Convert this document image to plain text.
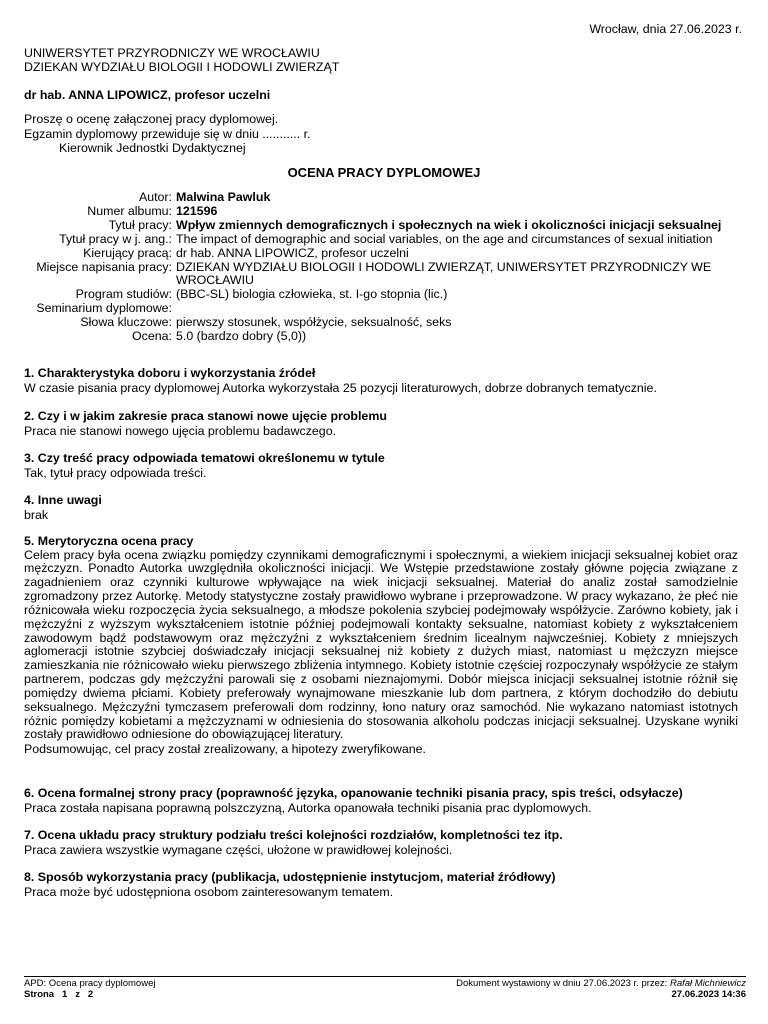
Wrocław, dnia 27.06.2023 r.
UNIWERSYTET PRZYRODNICZY WE WROCŁAWIU
DZIEKAN WYDZIAŁU BIOLOGII I HODOWLI ZWIERZĄT
dr hab. ANNA LIPOWICZ, profesor uczelni
Proszę o ocenę załączonej pracy dyplomowej.
Egzamin dyplomowy przewiduje się w dniu ........... r.
Kierownik Jednostki Dydaktycznej
OCENA PRACY DYPLOMOWEJ
Autor:	Malwina Pawluk
Numer albumu:	121596
Tytuł pracy:	Wpływ zmiennych demograficznych i społecznych na wiek i okoliczności inicjacji seksualnej
Tytuł pracy w j. ang.:	The impact of demographic and social variables, on the age and circumstances of sexual initiation
Kierujący pracą:	dr hab. ANNA LIPOWICZ, profesor uczelni
Miejsce napisania pracy:	DZIEKAN WYDZIAŁU BIOLOGII I HODOWLI ZWIERZĄT, UNIWERSYTET PRZYRODNICZY WE WROCŁAWIU
Program studiów:	(BBC-SL) biologia człowieka, st. I-go stopnia (lic.)
Seminarium dyplomowe:	
Słowa kluczowe:	pierwszy stosunek, współżycie, seksualność, seks
Ocena:	5.0 (bardzo dobry (5,0))
1. Charakterystyka doboru i wykorzystania źródeł
W czasie pisania pracy dyplomowej Autorka wykorzystała 25 pozycji literaturowych, dobrze dobranych tematycznie.
2. Czy i w jakim zakresie praca stanowi nowe ujęcie problemu
Praca nie stanowi nowego ujęcia problemu badawczego.
3. Czy treść pracy odpowiada tematowi określonemu w tytule
Tak, tytuł pracy odpowiada treści.
4. Inne uwagi
brak
5. Merytoryczna ocena pracy
Celem pracy była ocena związku pomiędzy czynnikami demograficznymi i społecznymi, a wiekiem inicjacji seksualnej kobiet oraz mężczyzn. Ponadto Autorka uwzględniła okoliczności inicjacji. We Wstępie przedstawione zostały główne pojęcia związane z zagadnieniem oraz czynniki kulturowe wpływające na wiek inicjacji seksualnej. Materiał do analiz został samodzielnie zgromadzony przez Autorkę. Metody statystyczne zostały prawidłowo wybrane i przeprowadzone. W pracy wykazano, że płeć nie różnicowała wieku rozpoczęcia życia seksualnego, a młodsze pokolenia szybciej podejmowały współżycie. Zarówno kobiety, jak i mężczyźni z wyższym wykształceniem istotnie później podejmowali kontakty seksualne, natomiast kobiety z wykształceniem zawodowym bądź podstawowym oraz mężczyźni z wykształceniem średnim licealnym najwcześniej. Kobiety z mniejszych aglomeracji istotnie szybciej doświadczały inicjacji seksualnej niż kobiety z dużych miast, natomiast u mężczyzn miejsce zamieszkania nie różnicowało wieku pierwszego zbliżenia intymnego. Kobiety istotnie częściej rozpoczynały współżycie ze stałym partnerem, podczas gdy mężczyźni parowali się z osobami nieznajomymi. Dobór miejsca inicjacji seksualnej istotnie różnił się pomiędzy dwiema płciami. Kobiety preferowały wynajmowane mieszkanie lub dom partnera, z którym dochodziło do debiutu seksualnego. Mężczyźni tymczasem preferowali dom rodzinny, łono natury oraz samochód. Nie wykazano natomiast istotnych różnic pomiędzy kobietami a mężczyznami w odniesienia do stosowania alkoholu podczas inicjacji seksualnej. Uzyskane wyniki zostały prawidłowo odniesione do obowiązującej literatury.
Podsumowując, cel pracy został zrealizowany, a hipotezy zweryfikowane.
6. Ocena formalnej strony pracy (poprawność języka, opanowanie techniki pisania pracy, spis treści, odsyłacze)
Praca została napisana poprawną polszczyzną, Autorka opanowała techniki pisania prac dyplomowych.
7. Ocena układu pracy struktury podziału treści kolejności rozdziałów, kompletności tez itp.
Praca zawiera wszystkie wymagane części, ułożone w prawidłowej kolejności.
8. Sposób wykorzystania pracy (publikacja, udostępnienie instytucjom, materiał źródłowy)
Praca może być udostępniona osobom zainteresowanym tematem.
APD: Ocena pracy dyplomowej	Dokument wystawiony w dniu 27.06.2023 r. przez: Rafał Michniewicz
Strona   1   z   2	27.06.2023 14:36
